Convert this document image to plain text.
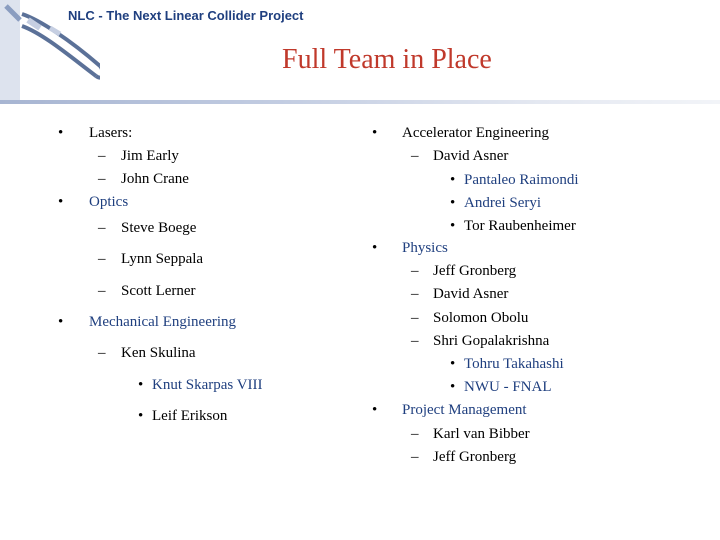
NLC - The Next Linear Collider Project
Full Team in Place
• Lasers:
– Jim Early
– John Crane
• Optics
– Steve Boege
– Lynn Seppala
– Scott Lerner
• Mechanical Engineering
– Ken Skulina
• Knut Skarpas VIII
• Leif Erikson
• Accelerator Engineering
– David Asner
• Pantaleo Raimondi
• Andrei Seryi
• Tor Raubenheimer
• Physics
– Jeff Gronberg
– David Asner
– Solomon Obolu
– Shri Gopalakrishna
• Tohru Takahashi
• NWU - FNAL
• Project Management
– Karl van Bibber
– Jeff Gronberg
